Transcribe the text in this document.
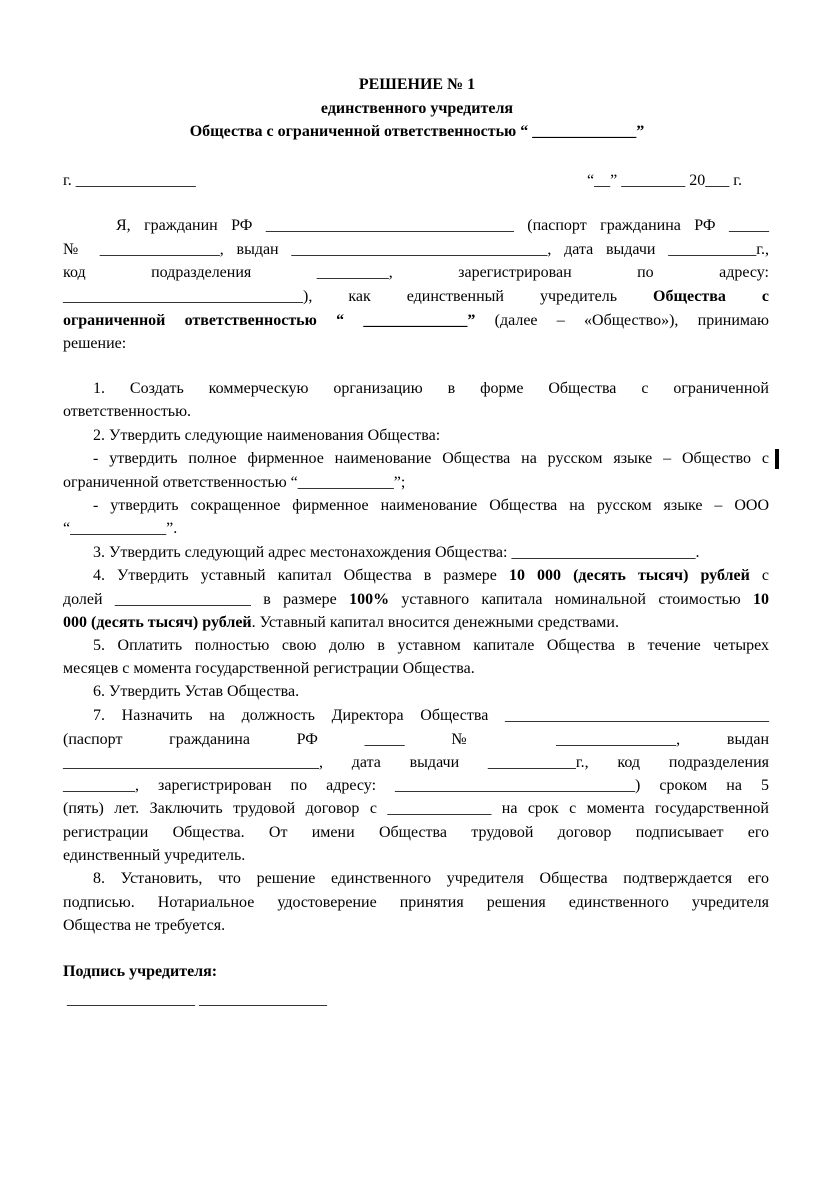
РЕШЕНИЕ № 1
единственного учредителя
Общества с ограниченной ответственностью “ _____________”
г. _______________	“__” ________ 20___ г.
Я, гражданин РФ _______________________________ (паспорт гражданина РФ _____
№ _______________, выдан ________________________________, дата выдачи ___________г.,
код	подразделения	_________,	зарегистрирован	по	адресу:
______________________________), как единственный учредитель Общества с
ограниченной ответственностью “ _____________” (далее – «Общество»), принимаю
решение:
1. Создать коммерческую организацию в форме Общества с ограниченной
ответственностью.
2. Утвердить следующие наименования Общества:
- утвердить полное фирменное наименование Общества на русском языке – Общество с
ограниченной ответственностью “____________”;
- утвердить сокращенное фирменное наименование Общества на русском языке – ООО
“____________”.
3. Утвердить следующий адрес местонахождения Общества: _______________________.
4. Утвердить уставный капитал Общества в размере 10 000 (десять тысяч) рублей с
долей _________________ в размере 100% уставного капитала номинальной стоимостью 10
000 (десять тысяч) рублей. Уставный капитал вносится денежными средствами.
5. Оплатить полностью свою долю в уставном капитале Общества в течение четырех
месяцев с момента государственной регистрации Общества.
6. Утвердить Устав Общества.
7. Назначить на должность Директора Общества _________________________________
(паспорт гражданина РФ _____ № _______________, выдан
________________________________, дата выдачи ___________г., код подразделения
_________, зарегистрирован по адресу: ______________________________) сроком на 5
(пять) лет. Заключить трудовой договор с _____________ на срок с момента государственной
регистрации Общества. От имени Общества трудовой договор подписывает его
единственный учредитель.
8. Установить, что решение единственного учредителя Общества подтверждается его
подписью. Нотариальное удостоверение принятия решения единственного учредителя
Общества не требуется.
Подпись учредителя:
________________ ________________
